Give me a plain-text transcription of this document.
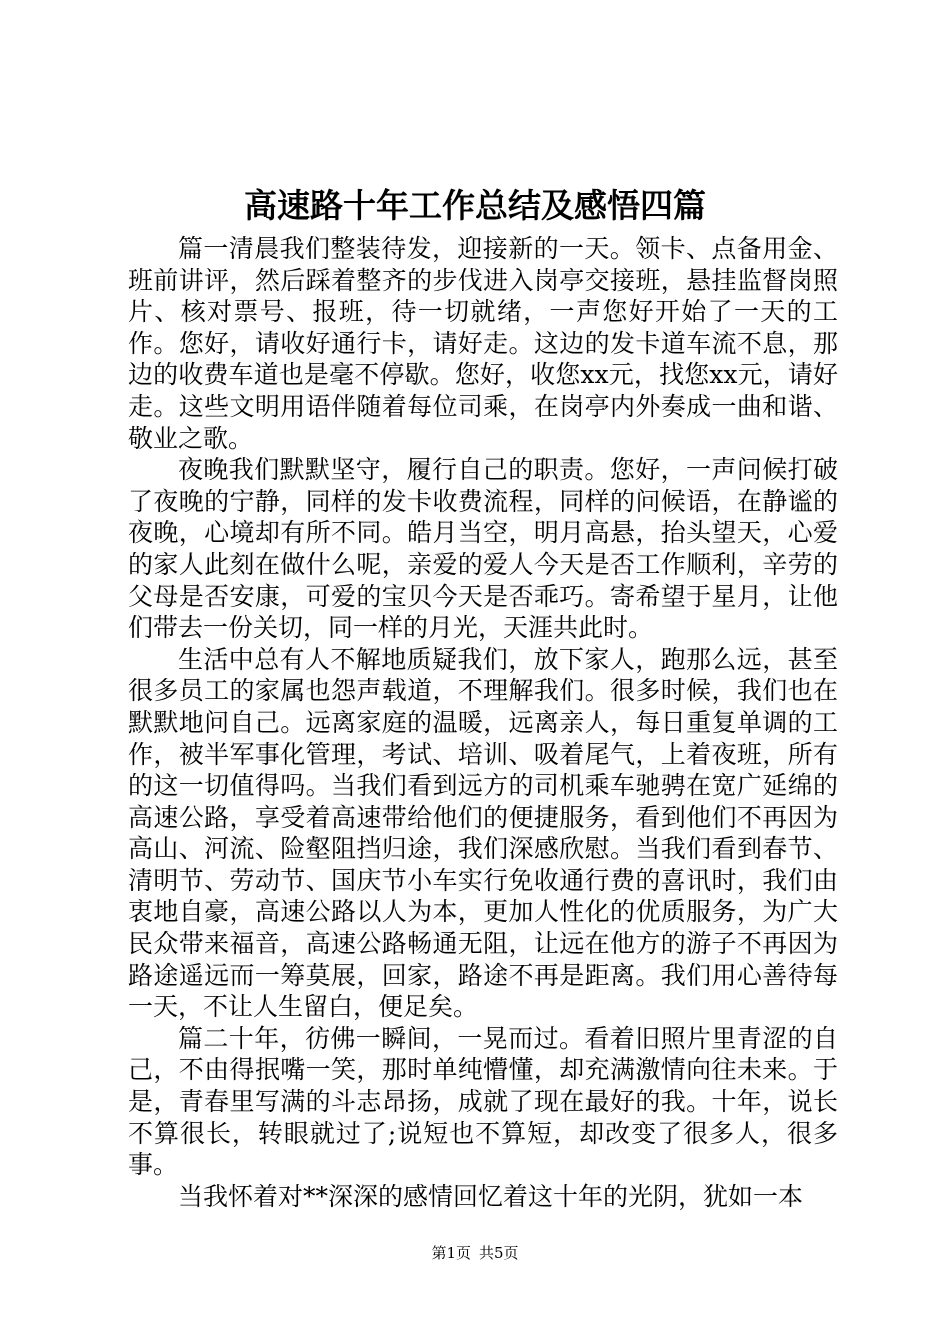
高速路十年工作总结及感悟四篇

篇一清晨我们整装待发，迎接新的一天。领卡、点备用金、班前讲评，然后踩着整齐的步伐进入岗亭交接班，悬挂监督岗照片、核对票号、报班，待一切就绪，一声您好开始了一天的工作。您好，请收好通行卡，请好走。这边的发卡道车流不息，那边的收费车道也是毫不停歇。您好，收您xx元，找您xx元，请好走。这些文明用语伴随着每位司乘，在岗亭内外奏成一曲和谐、敬业之歌。

夜晚我们默默坚守，履行自己的职责。您好，一声问候打破了夜晚的宁静，同样的发卡收费流程，同样的问候语，在静谧的夜晚，心境却有所不同。皓月当空，明月高悬，抬头望天，心爱的家人此刻在做什么呢，亲爱的爱人今天是否工作顺利，辛劳的父母是否安康，可爱的宝贝今天是否乖巧。寄希望于星月，让他们带去一份关切，同一样的月光，天涯共此时。

生活中总有人不解地质疑我们，放下家人，跑那么远，甚至很多员工的家属也怨声载道，不理解我们。很多时候，我们也在默默地问自己。远离家庭的温暖，远离亲人，每日重复单调的工作，被半军事化管理，考试、培训、吸着尾气，上着夜班，所有的这一切值得吗。当我们看到远方的司机乘车驰骋在宽广延绵的高速公路，享受着高速带给他们的便捷服务，看到他们不再因为高山、河流、险壑阻挡归途，我们深感欣慰。当我们看到春节、清明节、劳动节、国庆节小车实行免收通行费的喜讯时，我们由衷地自豪，高速公路以人为本，更加人性化的优质服务，为广大民众带来福音，高速公路畅通无阻，让远在他方的游子不再因为路途遥远而一筹莫展，回家，路途不再是距离。我们用心善待每一天，不让人生留白，便足矣。

篇二十年，彷佛一瞬间，一晃而过。看着旧照片里青涩的自己，不由得抿嘴一笑，那时单纯懵懂，却充满激情向往未来。于是，青春里写满的斗志昂扬，成就了现在最好的我。十年，说长不算很长，转眼就过了;说短也不算短，却改变了很多人，很多事。

当我怀着对**深深的感情回忆着这十年的光阴，犹如一本

第1页 共5页
